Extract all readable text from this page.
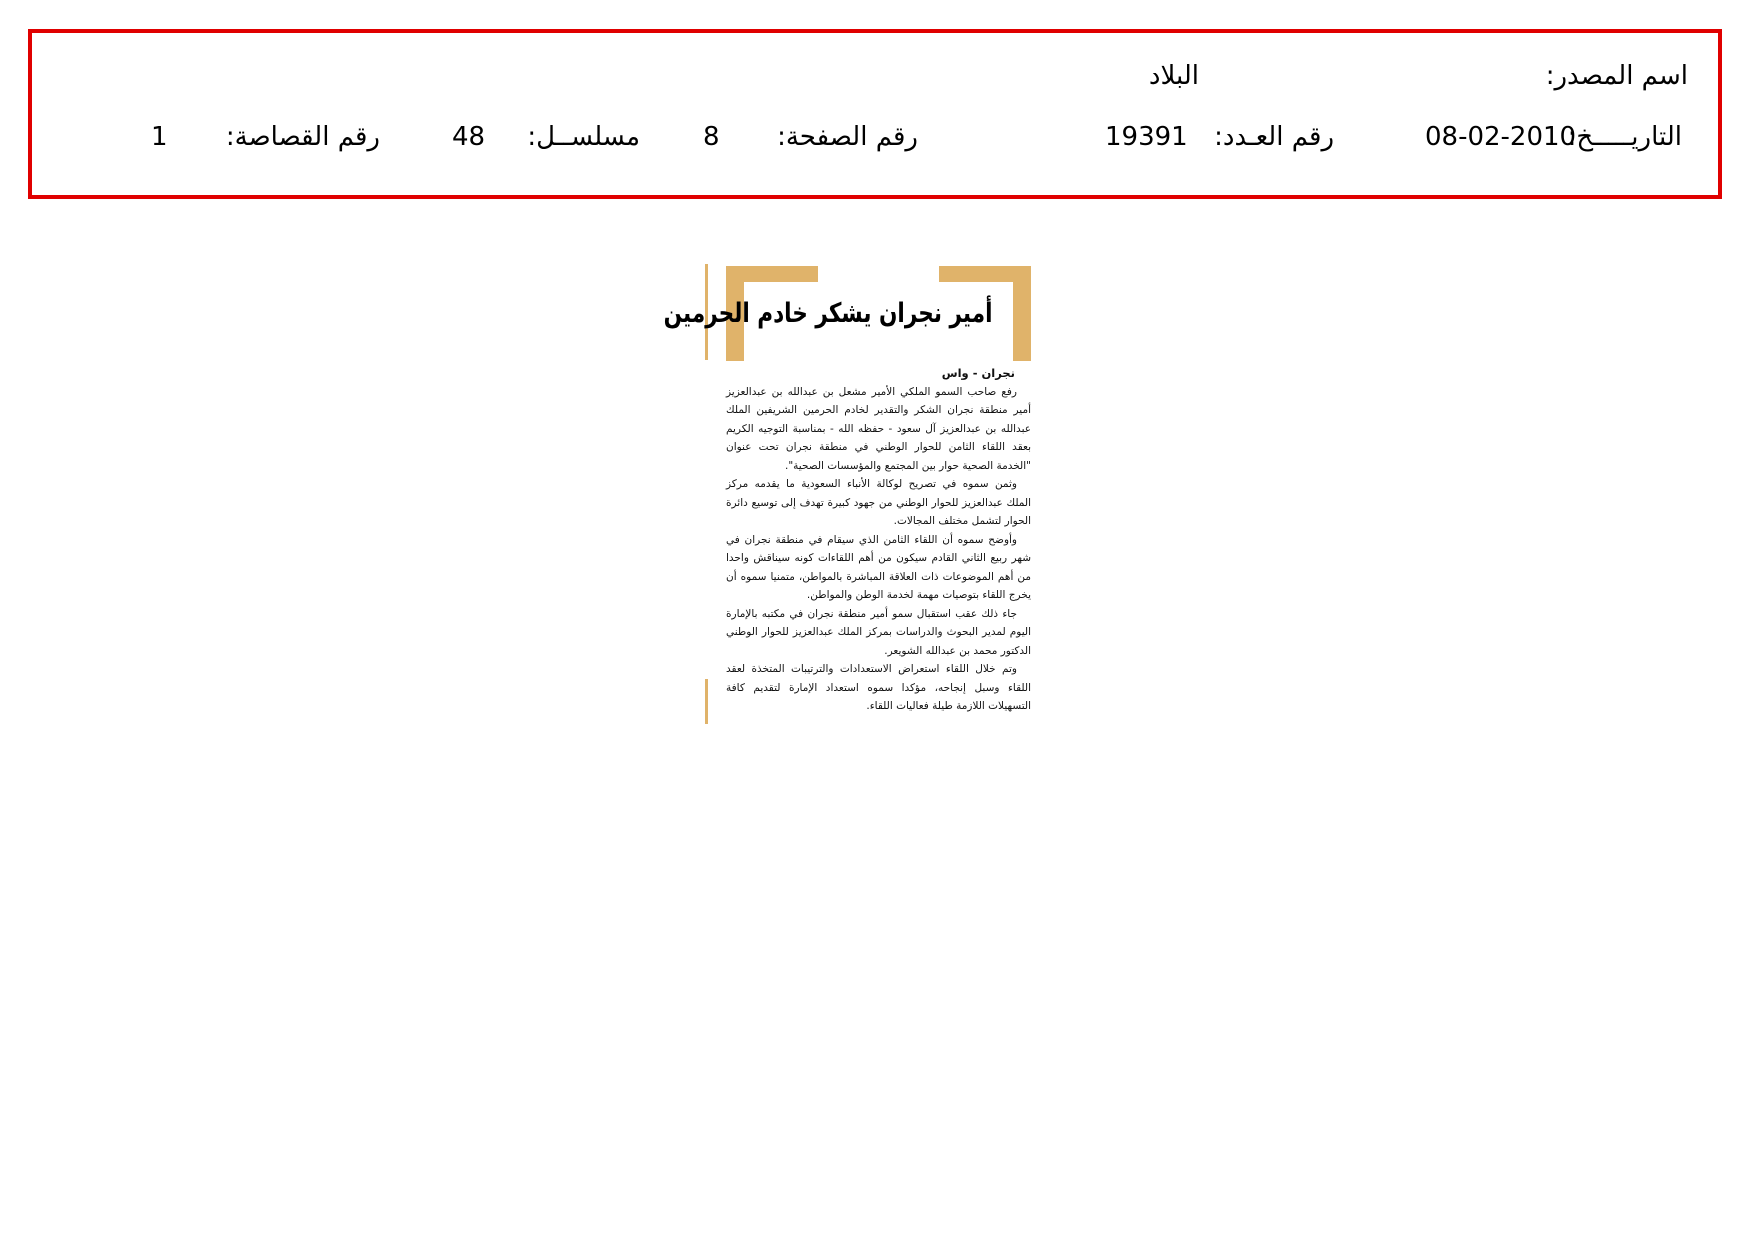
اسم المصدر:
البلاد
التاريـــــخ:
08-02-2010
رقم العـدد:
19391
رقم الصفحة:
8
مسلســل:
48
رقم القصاصة:
1
أمير نجران يشكر خادم الحرمين
نجران - واس

رفع صاحب السمو الملكي الأمير مشعل بن عبدالله بن عبدالعزيز أمير منطقة نجران الشكر والتقدير لخادم الحرمين الشريفين الملك عبدالله بن عبدالعزيز آل سعود - حفظه الله - بمناسبة التوجيه الكريم بعقد اللقاء الثامن للحوار الوطني في منطقة نجران تحت عنوان "الخدمة الصحية حوار بين المجتمع والمؤسسات الصحية".

وثمن سموه في تصريح لوكالة الأنباء السعودية ما يقدمه مركز الملك عبدالعزيز للحوار الوطني من جهود كبيرة تهدف إلى توسيع دائرة الحوار لتشمل مختلف المجالات.

وأوضح سموه أن اللقاء الثامن الذي سيقام في منطقة نجران في شهر ربيع الثاني القادم سيكون من أهم اللقاءات كونه سيناقش واحدا من أهم الموضوعات ذات العلاقة المباشرة بالمواطن، متمنيا سموه أن يخرج اللقاء بتوصيات مهمة لخدمة الوطن والمواطن.

جاء ذلك عقب استقبال سمو أمير منطقة نجران في مكتبه بالإمارة اليوم لمدير البحوث والدراسات بمركز الملك عبدالعزيز للحوار الوطني الدكتور محمد بن عبدالله الشويعر.

وتم خلال اللقاء استعراض الاستعدادات والترتيبات المتخذة لعقد اللقاء وسبل إنجاحه، مؤكدا سموه استعداد الإمارة لتقديم كافة التسهيلات اللازمة طيلة فعاليات اللقاء.
